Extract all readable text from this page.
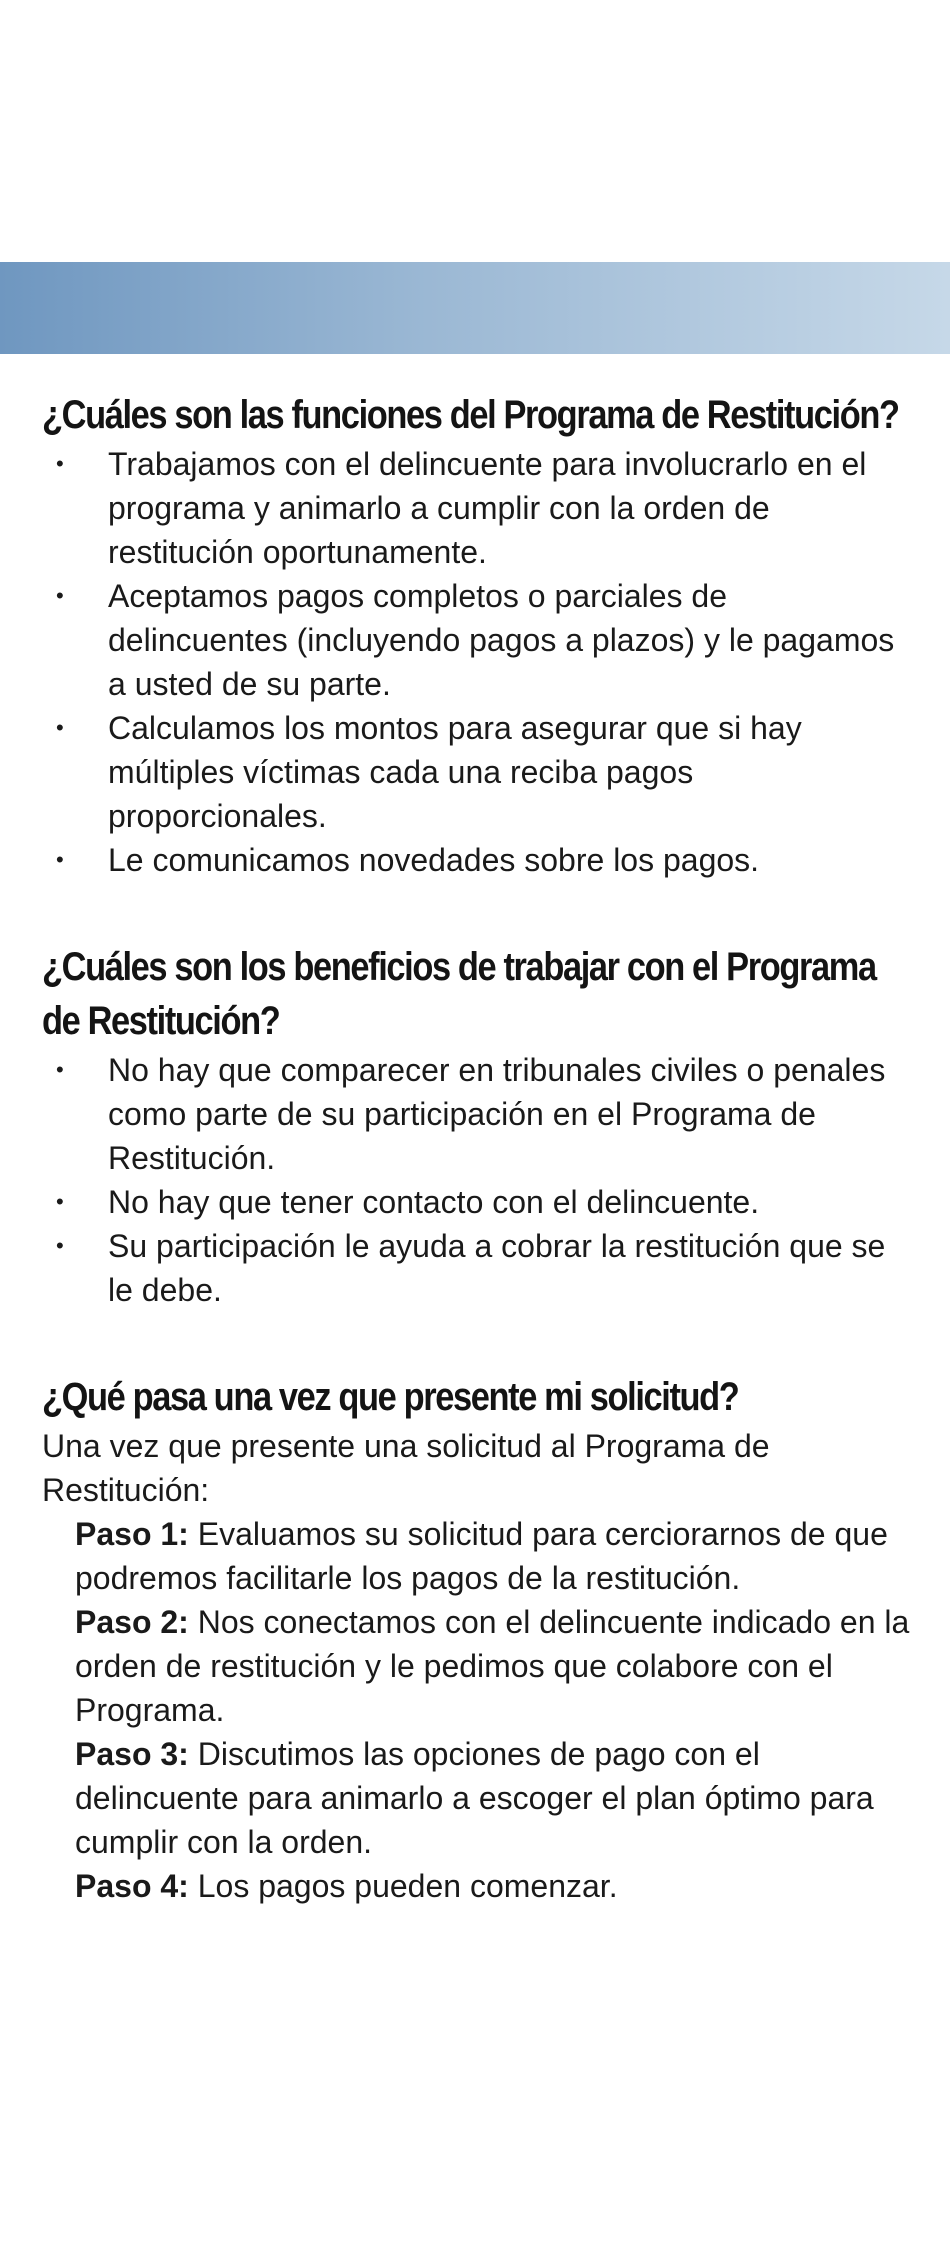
¿Cuáles son las funciones del Programa de Restitución?
• Trabajamos con el delincuente para involucrarlo en el programa y animarlo a cumplir con la orden de restitución oportunamente.
• Aceptamos pagos completos o parciales de delincuentes (incluyendo pagos a plazos) y le pagamos a usted de su parte.
• Calculamos los montos para asegurar que si hay múltiples víctimas cada una reciba pagos proporcionales.
• Le comunicamos novedades sobre los pagos.
¿Cuáles son los beneficios de trabajar con el Programa de Restitución?
• No hay que comparecer en tribunales civiles o penales como parte de su participación en el Programa de Restitución.
• No hay que tener contacto con el delincuente.
• Su participación le ayuda a cobrar la restitución que se le debe.
¿Qué pasa una vez que presente mi solicitud?

Una vez que presente una solicitud al Programa de Restitución:

Paso 1: Evaluamos su solicitud para cerciorarnos de que podremos facilitarle los pagos de la restitución.

Paso 2: Nos conectamos con el delincuente indicado en la orden de restitución y le pedimos que colabore con el Programa.

Paso 3: Discutimos las opciones de pago con el delincuente para animarlo a escoger el plan óptimo para cumplir con la orden.

Paso 4: Los pagos pueden comenzar.
